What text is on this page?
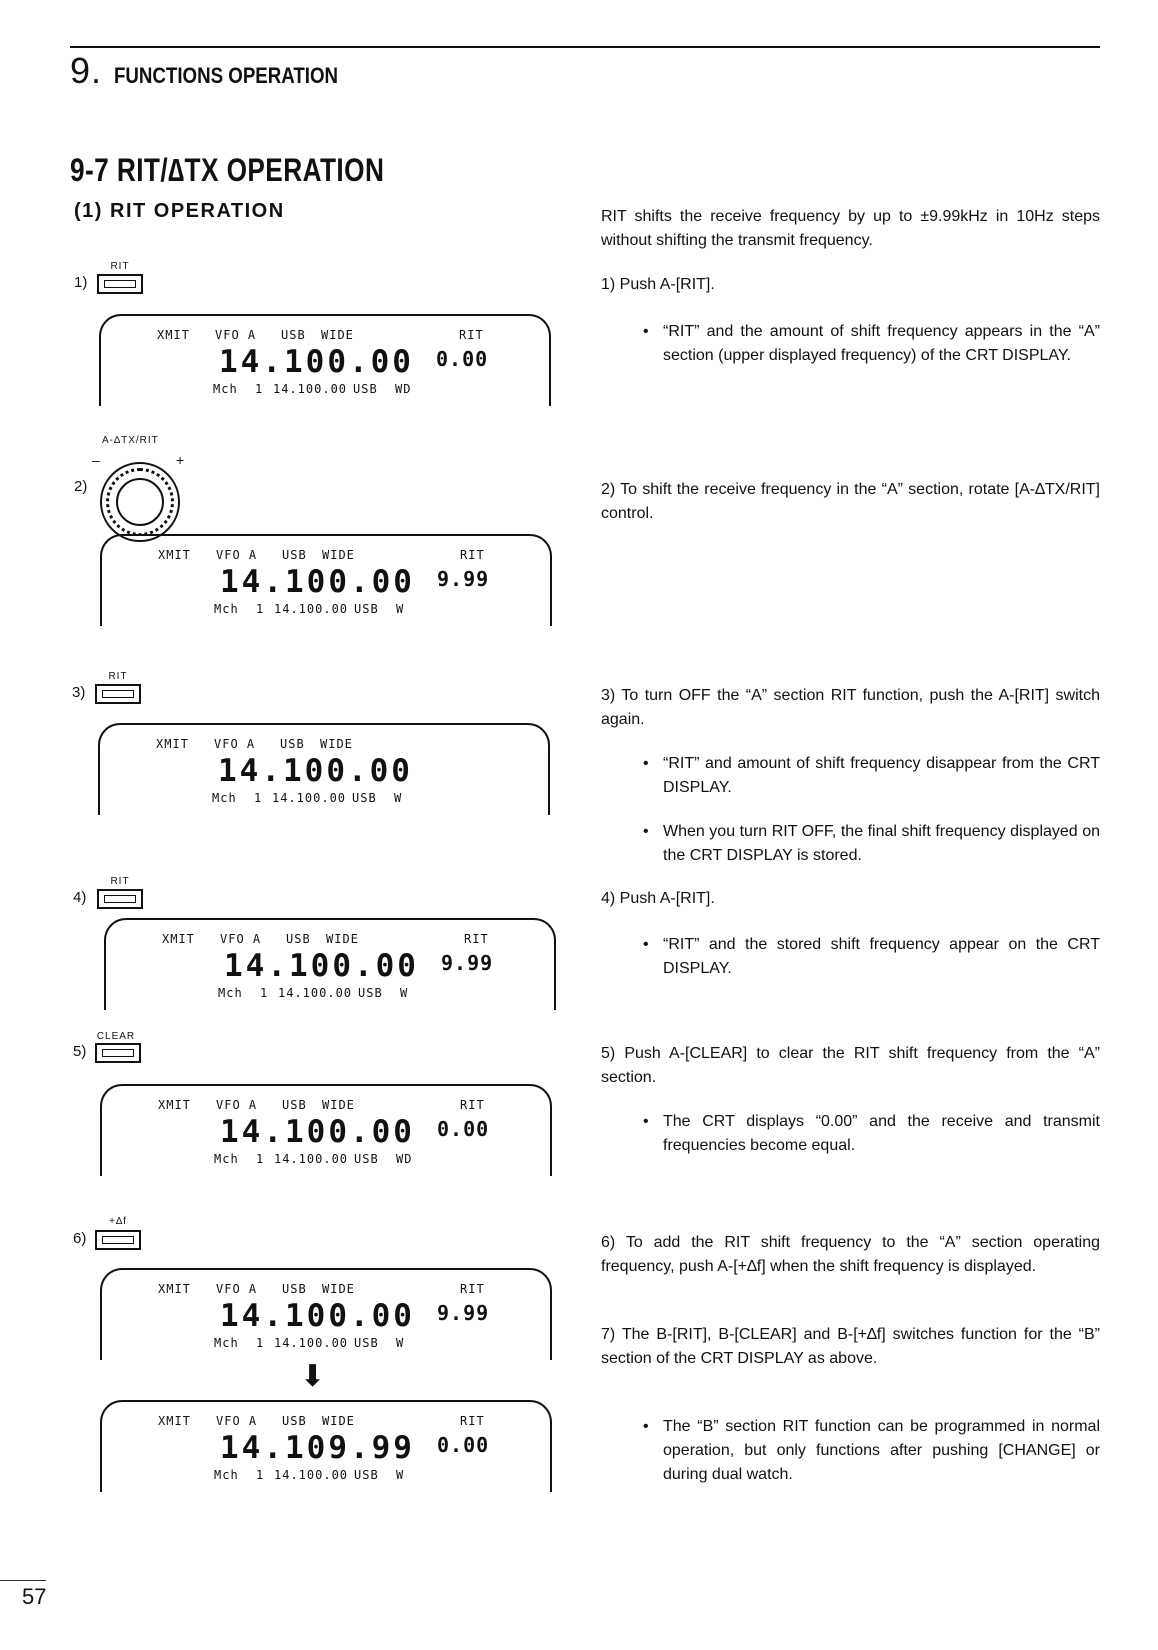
9. FUNCTIONS OPERATION
9-7 RIT/∆TX OPERATION
(1) RIT OPERATION
1)
RIT
XMIT VFO A USB WIDE	RIT
14.100.00 0.00
Mch 1 14.100.00 USB WD
A-∆TX/RIT
–	+
2)
XMIT VFO A USB WIDE	RIT
14.100.00 9.99
Mch 1 14.100.00 USB W
RIT
3)
XMIT VFO A USB WIDE
14.100.00
Mch 1 14.100.00 USB W
RIT
4)
XMIT VFO A USB WIDE	RIT
14.100.00 9.99
Mch 1 14.100.00 USB W
CLEAR
5)
XMIT VFO A USB WIDE	RIT
14.100.00 0.00
Mch 1 14.100.00 USB WD
+∆f
6)
XMIT VFO A USB WIDE	RIT
14.100.00 9.99
Mch 1 14.100.00 USB W
⬇
XMIT VFO A USB WIDE	RIT
14.109.99 0.00
Mch 1 14.100.00 USB W
RIT shifts the receive frequency by up to ±9.99kHz in 10Hz steps without shifting the transmit frequency.
1) Push A-[RIT].
• “RIT” and the amount of shift frequency appears in the “A” section (upper displayed frequency) of the CRT DISPLAY.
2) To shift the receive frequency in the “A” section, rotate [A-∆TX/RIT] control.
3) To turn OFF the “A” section RIT function, push the A-[RIT] switch again.
• “RIT” and amount of shift frequency disappear from the CRT DISPLAY.
• When you turn RIT OFF, the final shift frequency displayed on the CRT DISPLAY is stored.
4) Push A-[RIT].
• “RIT” and the stored shift frequency appear on the CRT DISPLAY.
5) Push A-[CLEAR] to clear the RIT shift frequency from the “A” section.
• The CRT displays “0.00” and the receive and transmit frequencies become equal.
6) To add the RIT shift frequency to the “A” section operating frequency, push A-[+∆f] when the shift frequency is displayed.
7) The B-[RIT], B-[CLEAR] and B-[+∆f] switches function for the “B” section of the CRT DISPLAY as above.
• The “B” section RIT function can be programmed in normal operation, but only functions after pushing [CHANGE] or during dual watch.
57
